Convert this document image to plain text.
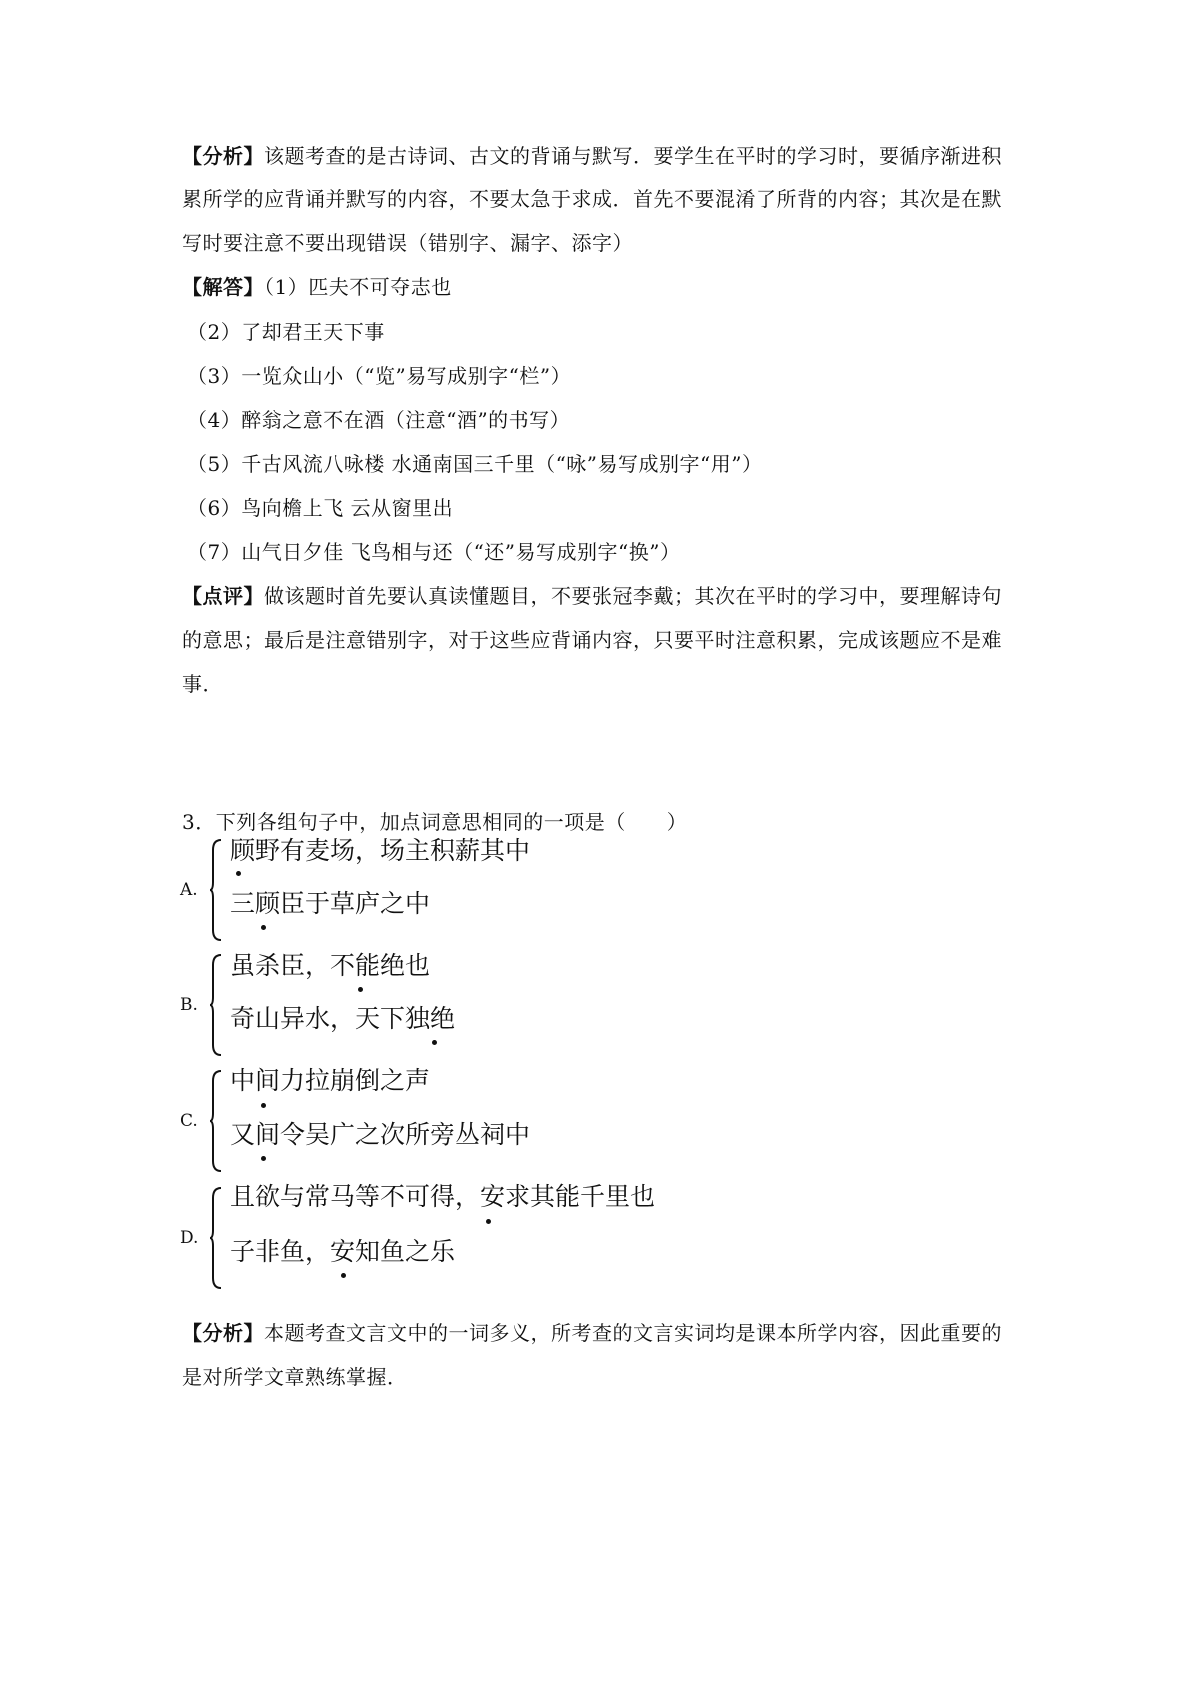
【分析】该题考查的是古诗词、古文的背诵与默写．要学生在平时的学习时，要循序渐进积
累所学的应背诵并默写的内容，不要太急于求成．首先不要混淆了所背的内容；其次是在默
写时要注意不要出现错误（错别字、漏字、添字）
【解答】（1）匹夫不可夺志也
（2）了却君王天下事
（3）一览众山小（“览”易写成别字“栏”）
（4）醉翁之意不在酒（注意“酒”的书写）
（5）千古风流八咏楼 水通南国三千里（“咏”易写成别字“用”）
（6）鸟向檐上飞 云从窗里出
（7）山气日夕佳 飞鸟相与还（“还”易写成别字“换”）
【点评】做该题时首先要认真读懂题目，不要张冠李戴；其次在平时的学习中，要理解诗句
的意思；最后是注意错别字，对于这些应背诵内容，只要平时注意积累，完成该题应不是难
事．
3．下列各组句子中，加点词意思相同的一项是（　　）
A.
顾野有麦场，场主积薪其中
三顾臣于草庐之中
B.
虽杀臣，不能绝也
奇山异水，天下独绝
C.
中间力拉崩倒之声
又间令吴广之次所旁丛祠中
D.
且欲与常马等不可得，安求其能千里也
子非鱼，安知鱼之乐
【分析】本题考查文言文中的一词多义，所考查的文言实词均是课本所学内容，因此重要的
是对所学文章熟练掌握．
